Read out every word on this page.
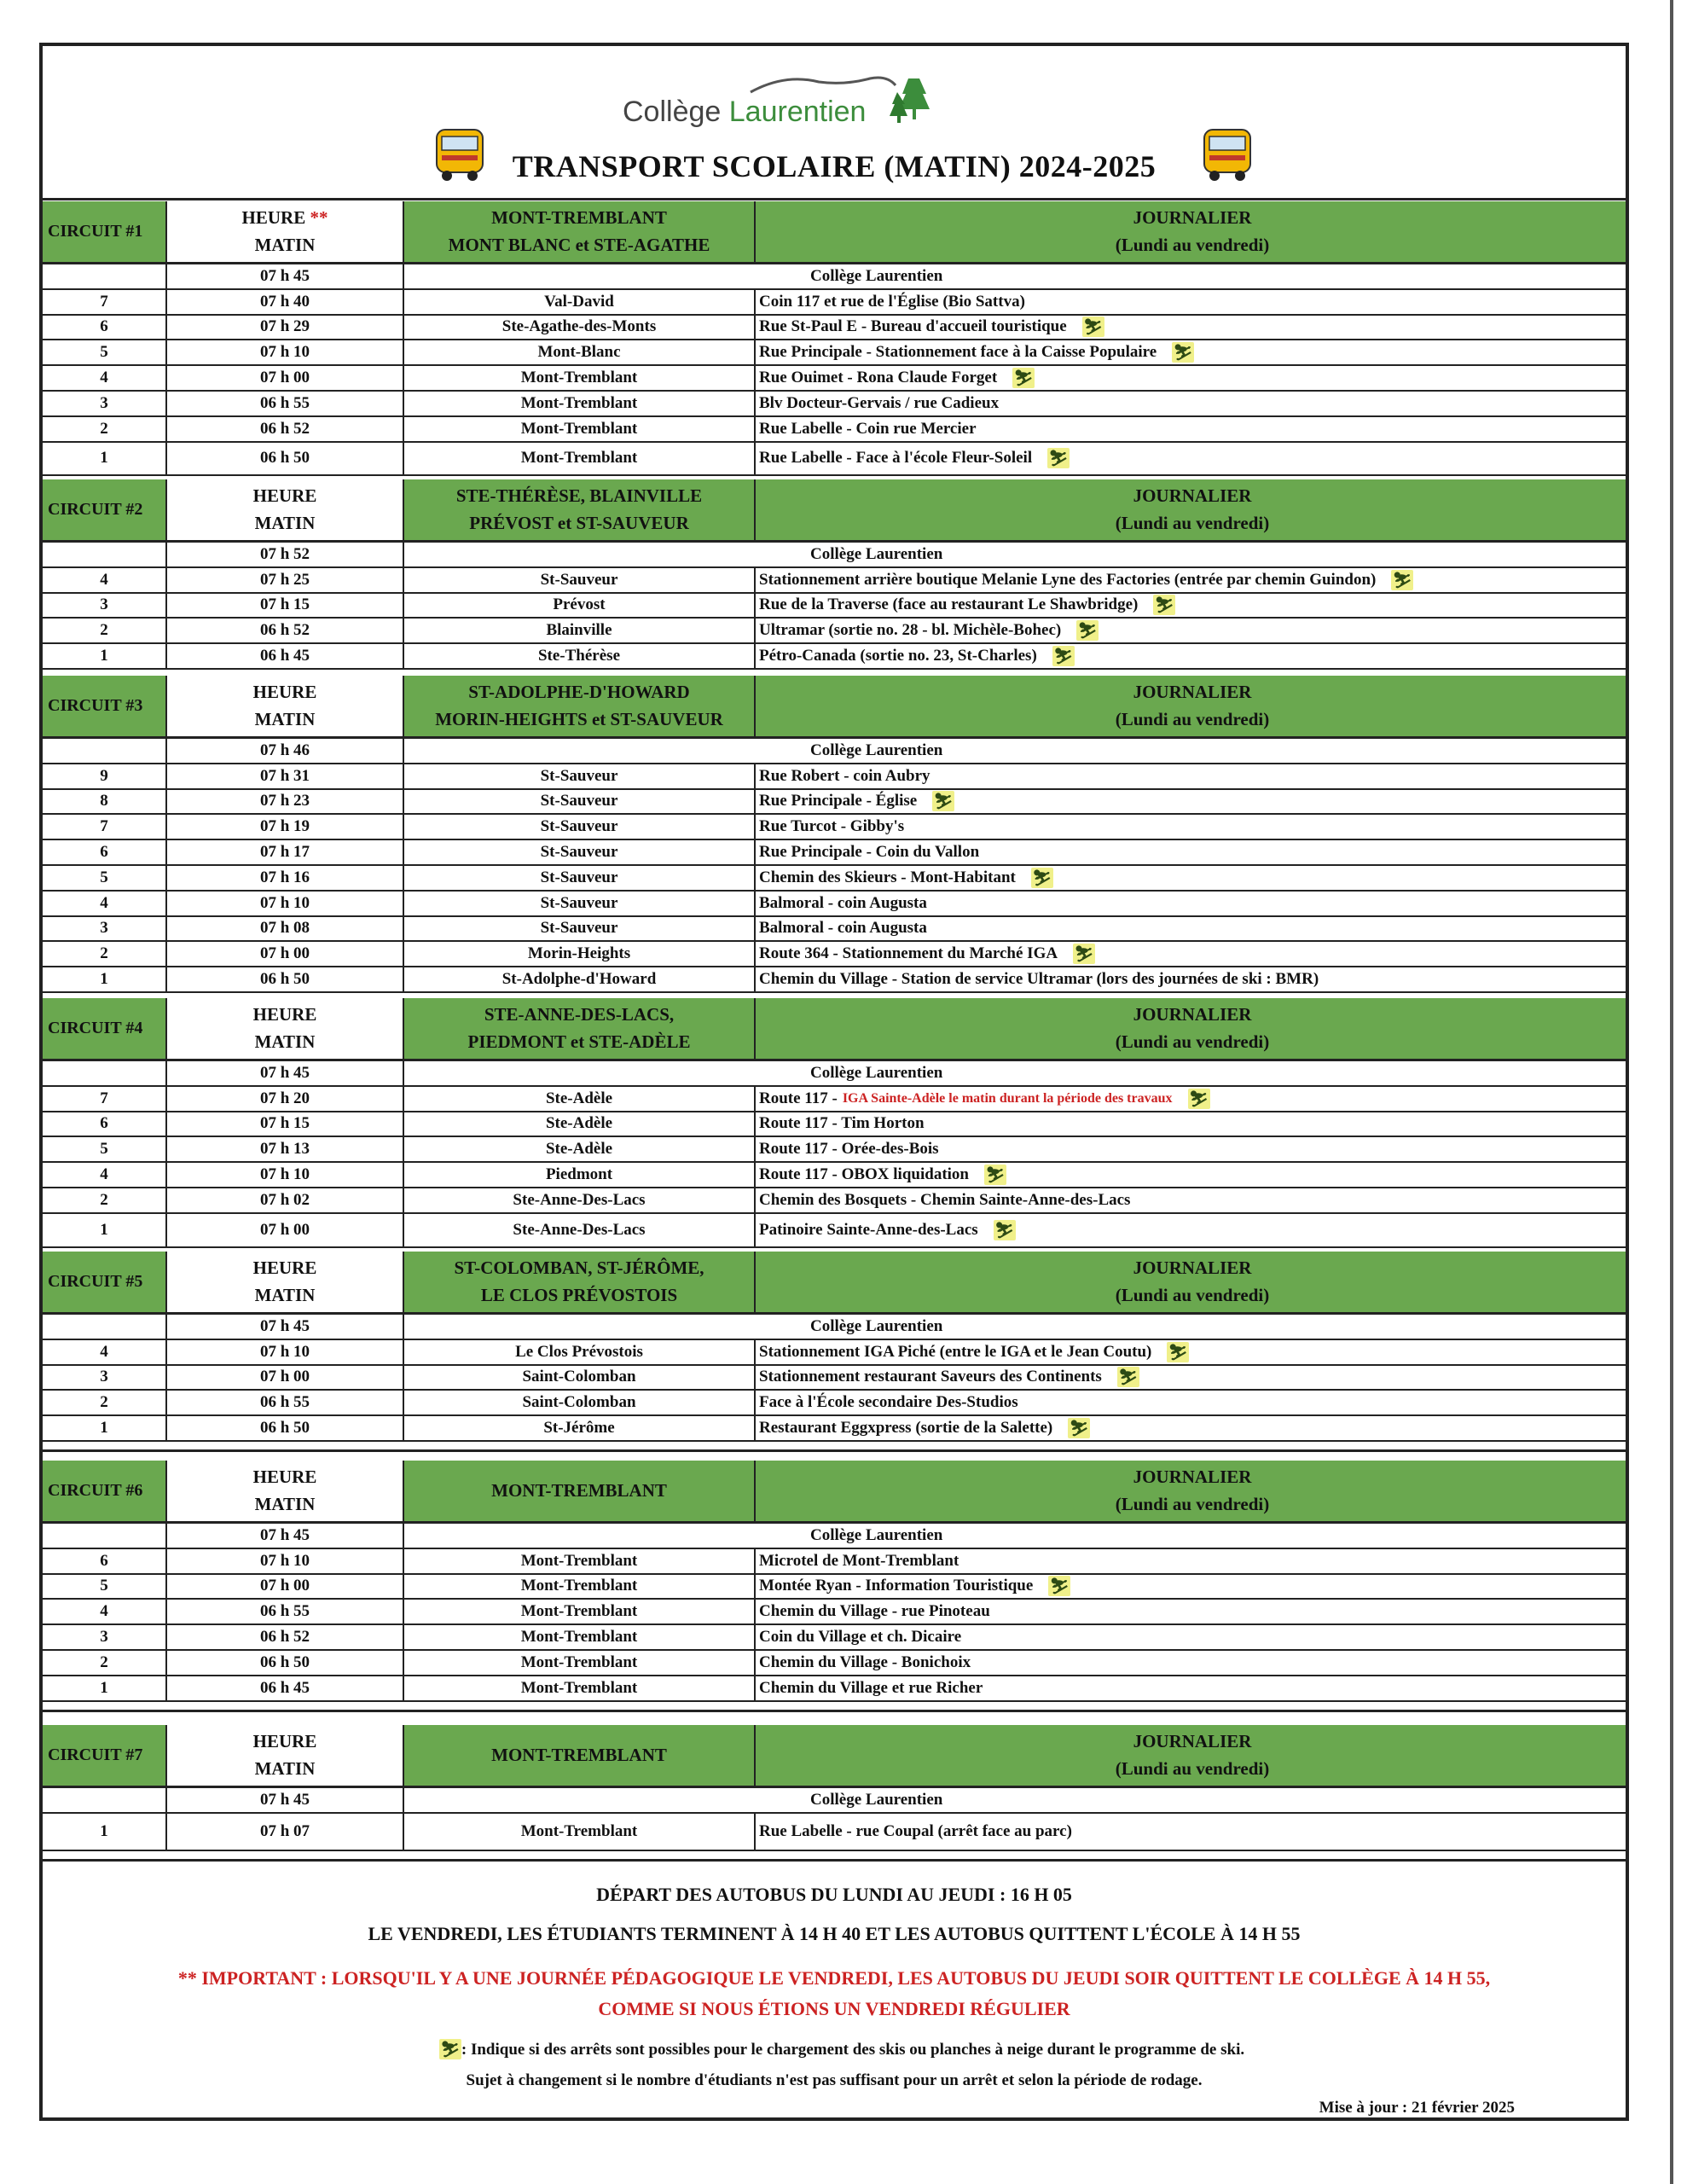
Collège Laurentien
TRANSPORT SCOLAIRE (MATIN) 2024-2025
CIRCUIT #1
HEURE **
MATIN
MONT-TREMBLANT
MONT BLANC et STE-AGATHE
JOURNALIER
(Lundi au vendredi)
07 h 45	Collège Laurentien
7	07 h 40	Val-David	Coin 117 et rue de l'Église (Bio Sattva)
6	07 h 29	Ste-Agathe-des-Monts	Rue St-Paul E - Bureau d'accueil touristique ⛷
5	07 h 10	Mont-Blanc	Rue Principale - Stationnement face à la Caisse Populaire ⛷
4	07 h 00	Mont-Tremblant	Rue Ouimet - Rona Claude Forget ⛷
3	06 h 55	Mont-Tremblant	Blv Docteur-Gervais / rue Cadieux
2	06 h 52	Mont-Tremblant	Rue Labelle - Coin rue Mercier
1	06 h 50	Mont-Tremblant	Rue Labelle - Face à l'école Fleur-Soleil ⛷
CIRCUIT #2
HEURE
MATIN
STE-THÉRÈSE, BLAINVILLE
PRÉVOST et ST-SAUVEUR
JOURNALIER
(Lundi au vendredi)
07 h 52	Collège Laurentien
4	07 h 25	St-Sauveur	Stationnement arrière boutique Melanie Lyne des Factories (entrée par chemin Guindon) ⛷
3	07 h 15	Prévost	Rue de la Traverse (face au restaurant Le Shawbridge) ⛷
2	06 h 52	Blainville	Ultramar (sortie no. 28 - bl. Michèle-Bohec) ⛷
1	06 h 45	Ste-Thérèse	Pétro-Canada (sortie no. 23, St-Charles) ⛷
CIRCUIT #3
HEURE
MATIN
ST-ADOLPHE-D'HOWARD
MORIN-HEIGHTS et ST-SAUVEUR
JOURNALIER
(Lundi au vendredi)
07 h 46	Collège Laurentien
9	07 h 31	St-Sauveur	Rue Robert - coin Aubry
8	07 h 23	St-Sauveur	Rue Principale - Église ⛷
7	07 h 19	St-Sauveur	Rue Turcot - Gibby's
6	07 h 17	St-Sauveur	Rue Principale - Coin du Vallon
5	07 h 16	St-Sauveur	Chemin des Skieurs - Mont-Habitant ⛷
4	07 h 10	St-Sauveur	Balmoral - coin Augusta
3	07 h 08	St-Sauveur	Balmoral - coin Augusta
2	07 h 00	Morin-Heights	Route 364 - Stationnement du Marché IGA ⛷
1	06 h 50	St-Adolphe-d'Howard	Chemin du Village - Station de service Ultramar (lors des journées de ski : BMR)
CIRCUIT #4
HEURE
MATIN
STE-ANNE-DES-LACS,
PIEDMONT et STE-ADÈLE
JOURNALIER
(Lundi au vendredi)
07 h 45	Collège Laurentien
7	07 h 20	Ste-Adèle	Route 117 - IGA Sainte-Adèle le matin durant la période des travaux ⛷
6	07 h 15	Ste-Adèle	Route 117 - Tim Horton
5	07 h 13	Ste-Adèle	Route 117 - Orée-des-Bois
4	07 h 10	Piedmont	Route 117 - OBOX liquidation ⛷
2	07 h 02	Ste-Anne-Des-Lacs	Chemin des Bosquets - Chemin Sainte-Anne-des-Lacs
1	07 h 00	Ste-Anne-Des-Lacs	Patinoire Sainte-Anne-des-Lacs ⛷
CIRCUIT #5
HEURE
MATIN
ST-COLOMBAN, ST-JÉRÔME,
LE CLOS PRÉVOSTOIS
JOURNALIER
(Lundi au vendredi)
07 h 45	Collège Laurentien
4	07 h 10	Le Clos Prévostois	Stationnement IGA Piché (entre le IGA et le Jean Coutu) ⛷
3	07 h 00	Saint-Colomban	Stationnement restaurant Saveurs des Continents ⛷
2	06 h 55	Saint-Colomban	Face à l'École secondaire Des-Studios
1	06 h 50	St-Jérôme	Restaurant Eggxpress (sortie de la Salette) ⛷
CIRCUIT #6
HEURE
MATIN
MONT-TREMBLANT
JOURNALIER
(Lundi au vendredi)
07 h 45	Collège Laurentien
6	07 h 10	Mont-Tremblant	Microtel de Mont-Tremblant
5	07 h 00	Mont-Tremblant	Montée Ryan - Information Touristique ⛷
4	06 h 55	Mont-Tremblant	Chemin du Village - rue Pinoteau
3	06 h 52	Mont-Tremblant	Coin du Village et ch. Dicaire
2	06 h 50	Mont-Tremblant	Chemin du Village - Bonichoix
1	06 h 45	Mont-Tremblant	Chemin du Village et rue Richer
CIRCUIT #7
HEURE
MATIN
MONT-TREMBLANT
JOURNALIER
(Lundi au vendredi)
07 h 45	Collège Laurentien
1	07 h 07	Mont-Tremblant	Rue Labelle - rue Coupal (arrêt face au parc)
DÉPART DES AUTOBUS DU LUNDI AU JEUDI : 16 H 05
LE VENDREDI, LES ÉTUDIANTS TERMINENT À 14 H 40 ET LES AUTOBUS QUITTENT L'ÉCOLE À 14 H 55
** IMPORTANT : LORSQU'IL Y A UNE JOURNÉE PÉDAGOGIQUE LE VENDREDI, LES AUTOBUS DU JEUDI SOIR QUITTENT LE COLLÈGE À 14 H 55,
COMME SI NOUS ÉTIONS UN VENDREDI RÉGULIER
⛷: Indique si des arrêts sont possibles pour le chargement des skis ou planches à neige durant le programme de ski.
Sujet à changement si le nombre d'étudiants n'est pas suffisant pour un arrêt et selon la période de rodage.
Mise à jour : 21 février 2025
